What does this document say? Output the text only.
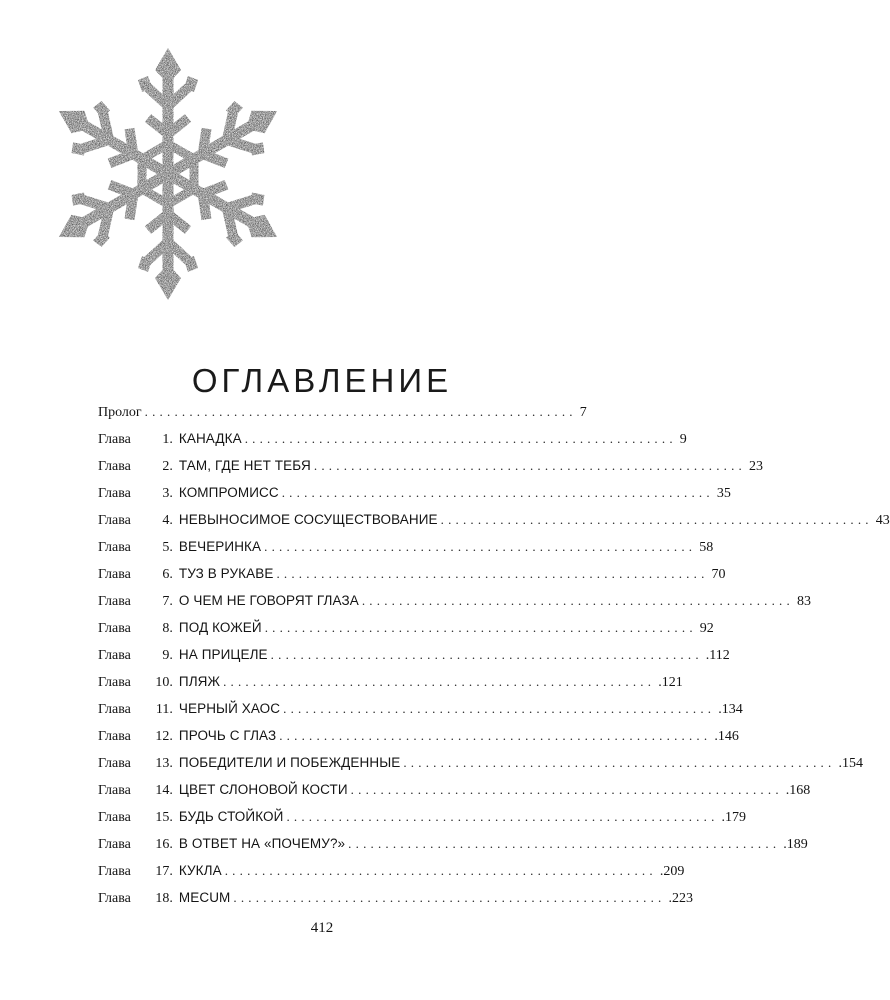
ОГЛАВЛЕНИЕ
Пролог .......................................................... 7
Глава	1. КАНАДКА .......................................................... 9
Глава	2. ТАМ, ГДЕ НЕТ ТЕБЯ .......................................................... 23
Глава	3. КОМПРОМИСС .......................................................... 35
Глава	4. НЕВЫНОСИМОЕ СОСУЩЕСТВОВАНИЕ .......................................................... 43
Глава	5. ВЕЧЕРИНКА .......................................................... 58
Глава	6. ТУЗ В РУКАВЕ .......................................................... 70
Глава	7. О ЧЕМ НЕ ГОВОРЯТ ГЛАЗА .......................................................... 83
Глава	8. ПОД КОЖЕЙ .......................................................... 92
Глава	9. НА ПРИЦЕЛЕ .......................................................... .112
Глава	10. ПЛЯЖ .......................................................... .121
Глава	11. ЧЕРНЫЙ ХАОС .......................................................... .134
Глава	12. ПРОЧЬ С ГЛАЗ .......................................................... .146
Глава	13. ПОБЕДИТЕЛИ И ПОБЕЖДЕННЫЕ .......................................................... .154
Глава	14. ЦВЕТ СЛОНОВОЙ КОСТИ .......................................................... .168
Глава	15. БУДЬ СТОЙКОЙ .......................................................... .179
Глава	16. В ОТВЕТ НА «ПОЧЕМУ?» .......................................................... .189
Глава	17. КУКЛА .......................................................... .209
Глава	18. MECUM .......................................................... .223
412
